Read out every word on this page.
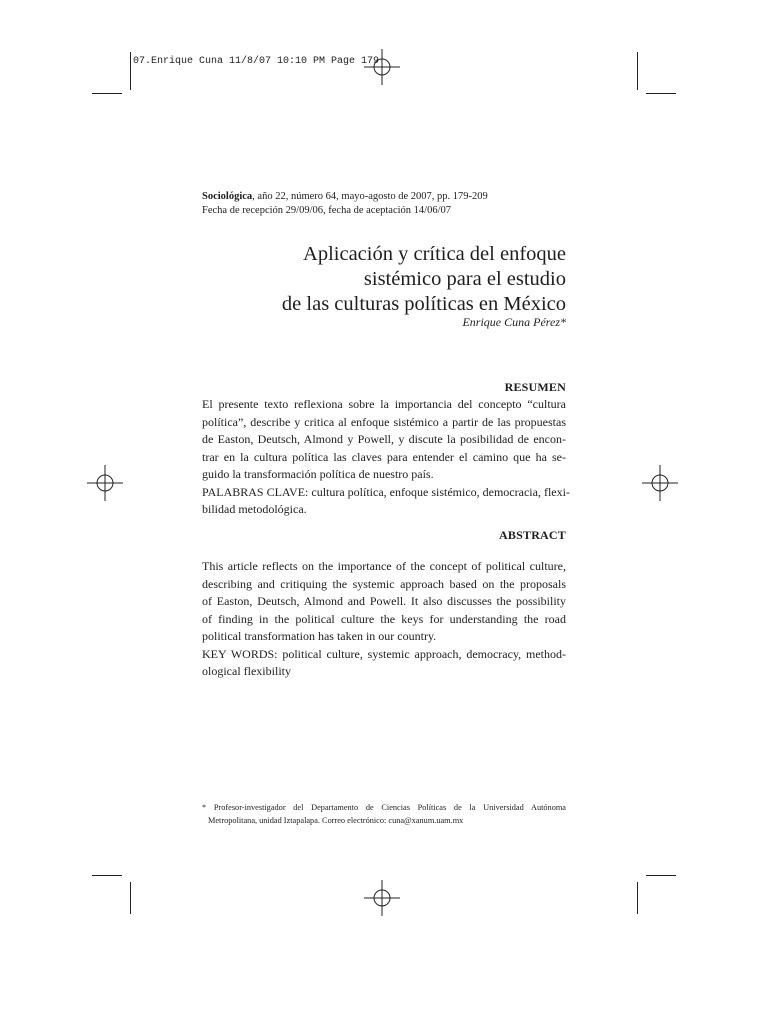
07.Enrique Cuna 11/8/07 10:10 PM Page 179
Sociológica, año 22, número 64, mayo-agosto de 2007, pp. 179-209
Fecha de recepción 29/09/06, fecha de aceptación 14/06/07
Aplicación y crítica del enfoque
sistémico para el estudio
de las culturas políticas en México
Enrique Cuna Pérez*
RESUMEN
El presente texto reflexiona sobre la importancia del concepto “cultura
política”, describe y critica al enfoque sistémico a partir de las propuestas
de Easton, Deutsch, Almond y Powell, y discute la posibilidad de encon-
trar en la cultura política las claves para entender el camino que ha se-
guido la transformación política de nuestro país.
PALABRAS CLAVE: cultura política, enfoque sistémico, democracia, flexi-
bilidad metodológica.
ABSTRACT
This article reflects on the importance of the concept of political culture,
describing and critiquing the systemic approach based on the proposals
of Easton, Deutsch, Almond and Powell. It also discusses the possibility
of finding in the political culture the keys for understanding the road
political transformation has taken in our country.
KEY WORDS: political culture, systemic approach, democracy, method-
ological flexibility
* Profesor-investigador del Departamento de Ciencias Políticas de la Universidad Autónoma
Metropolitana, unidad Iztapalapa. Correo electrónico: cuna@xanum.uam.mx
